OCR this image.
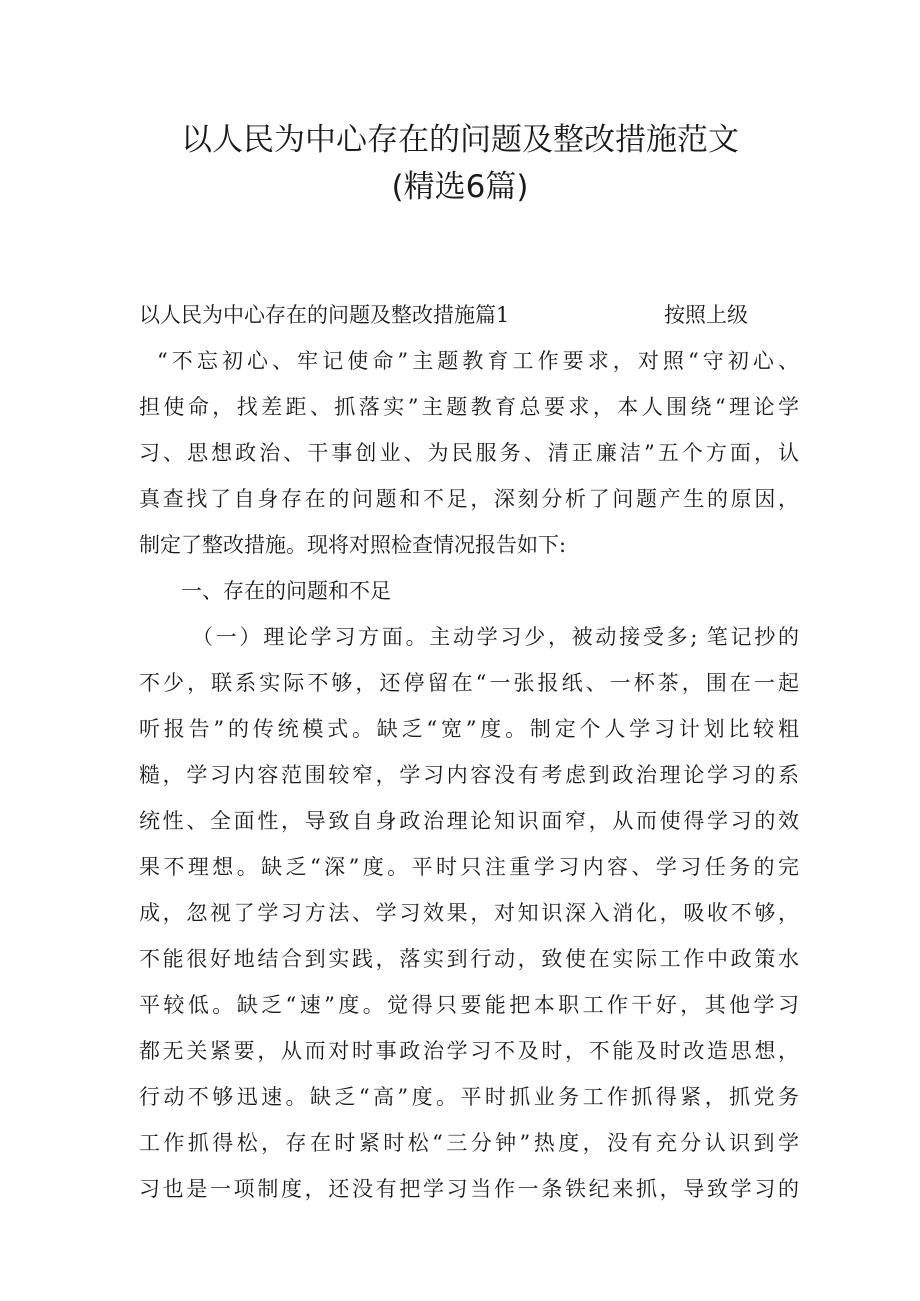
以人民为中心存在的问题及整改措施范文
(精选6篇)
以人民为中心存在的问题及整改措施篇1	按照上级
“不忘初心、牢记使命”主题教育工作要求，对照“守初心、
担使命，找差距、抓落实”主题教育总要求，本人围绕“理论学
习、思想政治、干事创业、为民服务、清正廉洁”五个方面，认
真查找了自身存在的问题和不足，深刻分析了问题产生的原因，
制定了整改措施。现将对照检查情况报告如下:
一、存在的问题和不足
（一）理论学习方面。主动学习少，被动接受多; 笔记抄的
不少，联系实际不够，还停留在“一张报纸、一杯茶，围在一起
听报告”的传统模式。缺乏“宽”度。制定个人学习计划比较粗
糙，学习内容范围较窄，学习内容没有考虑到政治理论学习的系
统性、全面性，导致自身政治理论知识面窄，从而使得学习的效
果不理想。缺乏“深”度。平时只注重学习内容、学习任务的完
成，忽视了学习方法、学习效果，对知识深入消化，吸收不够，
不能很好地结合到实践，落实到行动，致使在实际工作中政策水
平较低。缺乏“速”度。觉得只要能把本职工作干好，其他学习
都无关紧要，从而对时事政治学习不及时，不能及时改造思想，
行动不够迅速。缺乏“高”度。平时抓业务工作抓得紧，抓党务
工作抓得松，存在时紧时松“三分钟”热度，没有充分认识到学
习也是一项制度，还没有把学习当作一条铁纪来抓，导致学习的
